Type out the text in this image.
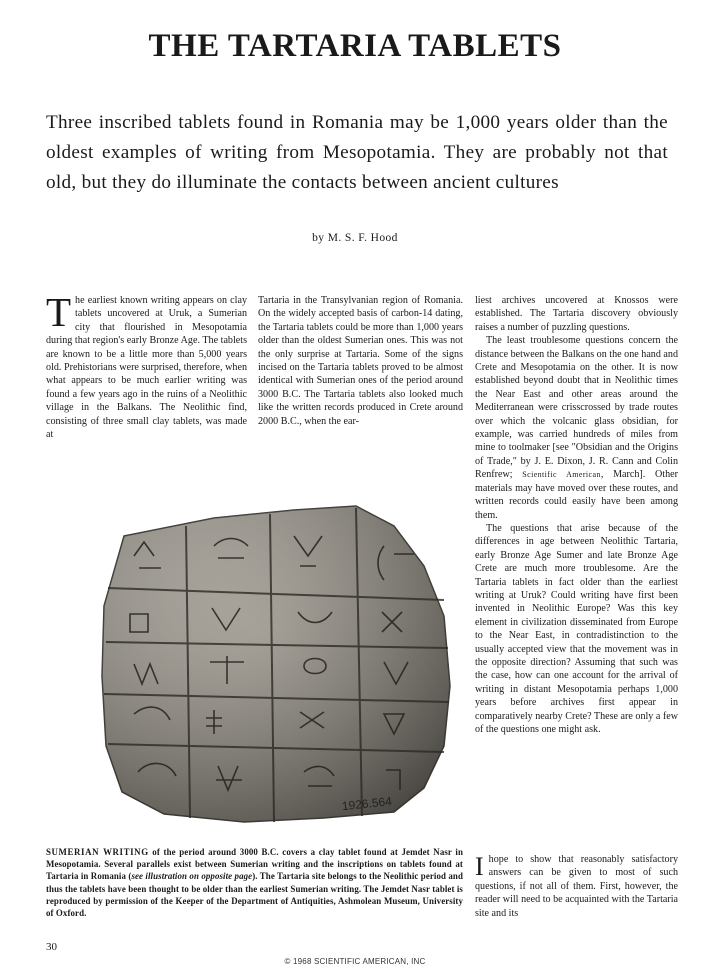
THE TARTARIA TABLETS

Three inscribed tablets found in Romania may be 1,000 years older than the oldest examples of writing from Mesopotamia. They are probably not that old, but they do illuminate the contacts between ancient cultures

by M. S. F. Hood

The earliest known writing appears on clay tablets uncovered at Uruk, a Sumerian city that flourished in Mesopotamia during that region's early Bronze Age. The tablets are known to be a little more than 5,000 years old. Prehistorians were surprised, therefore, when what appears to be much earlier writing was found a few years ago in the ruins of a Neolithic village in the Balkans. The Neolithic find, consisting of three small clay tablets, was made at

Tartaria in the Transylvanian region of Romania. On the widely accepted basis of carbon-14 dating, the Tartaria tablets could be more than 1,000 years older than the oldest Sumerian ones. This was not the only surprise at Tartaria. Some of the signs incised on the Tartaria tablets proved to be almost identical with Sumerian ones of the period around 3000 B.C. The Tartaria tablets also looked much like the written records produced in Crete around 2000 B.C., when the ear-

liest archives uncovered at Knossos were established. The Tartaria discovery obviously raises a number of puzzling questions.

The least troublesome questions concern the distance between the Balkans on the one hand and Crete and Mesopotamia on the other. It is now established beyond doubt that in Neolithic times the Near East and other areas around the Mediterranean were crisscrossed by trade routes over which the volcanic glass obsidian, for example, was carried hundreds of miles from mine to toolmaker [see "Obsidian and the Origins of Trade," by J. E. Dixon, J. R. Cann and Colin Renfrew; Scientific American, March]. Other materials may have moved over these routes, and written records could easily have been among them.

The questions that arise because of the differences in age between Neolithic Tartaria, early Bronze Age Sumer and late Bronze Age Crete are much more troublesome. Are the Tartaria tablets in fact older than the earliest writing at Uruk? Could writing have first been invented in Neolithic Europe? Was this key element in civilization disseminated from Europe to the Near East, in contradistinction to the usually accepted view that the movement was in the opposite direction? Assuming that such was the case, how can one account for the arrival of writing in distant Mesopotamia perhaps 1,000 years before archives first appear in comparatively nearby Crete? These are only a few of the questions one might ask.

Ihope to show that reasonably satisfactory answers can be given to most of such questions, if not all of them. First, however, the reader will need to be acquainted with the Tartaria site and its

1926.564

SUMERIAN WRITING of the period around 3000 B.C. covers a clay tablet found at Jemdet Nasr in Mesopotamia. Several parallels exist between Sumerian writing and the inscriptions on tablets found at Tartaria in Romania (see illustration on opposite page). The Tartaria site belongs to the Neolithic period and thus the tablets have been thought to be older than the earliest Sumerian writing. The Jemdet Nasr tablet is reproduced by permission of the Keeper of the Department of Antiquities, Ashmolean Museum, University of Oxford.

30
© 1968 SCIENTIFIC AMERICAN, INC
